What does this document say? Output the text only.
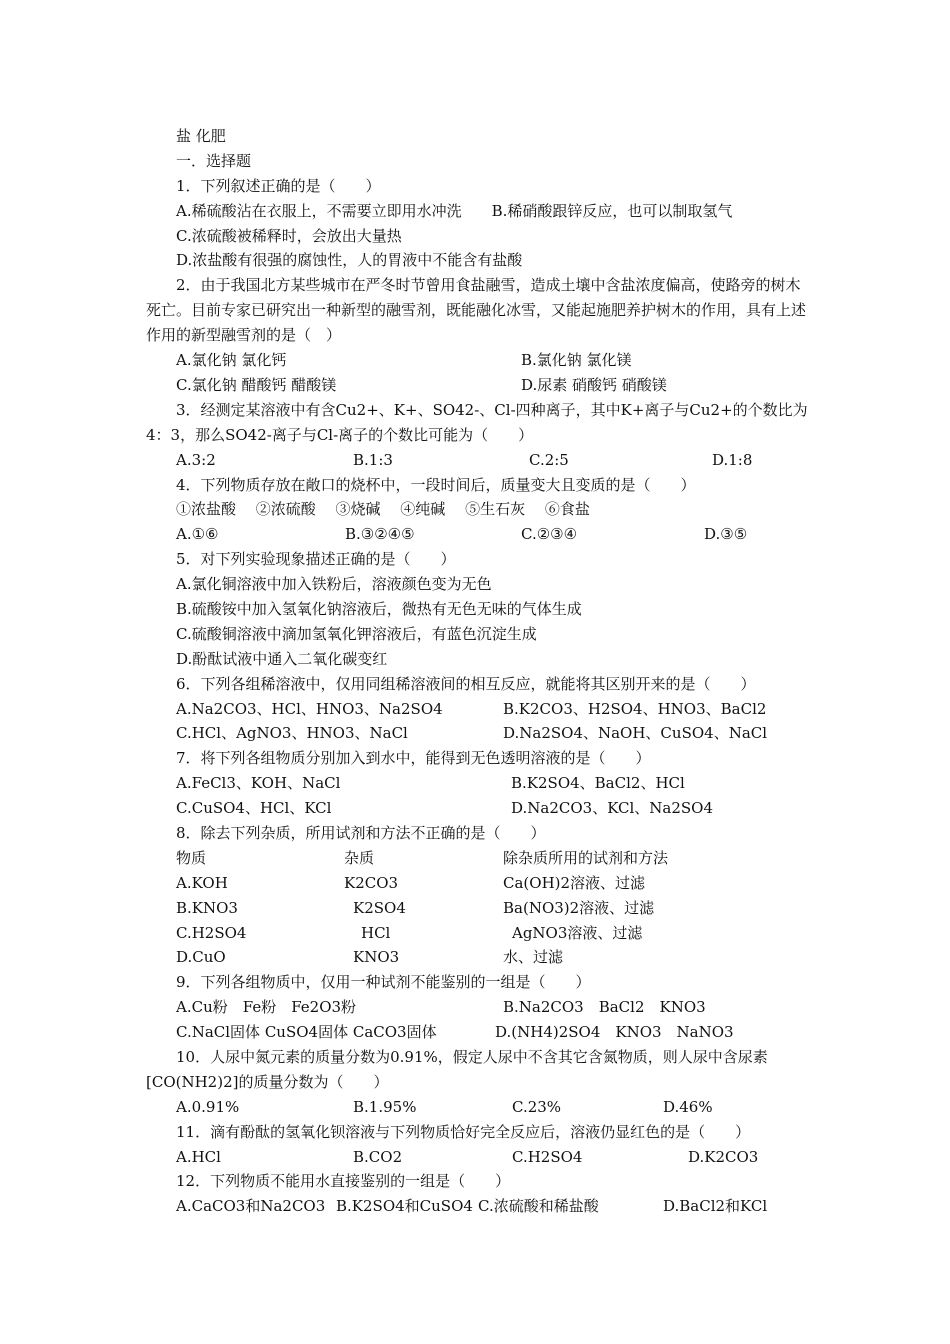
盐 化肥
一．选择题
1．下列叙述正确的是（　　）
A.稀硫酸沾在衣服上，不需要立即用水冲洗　　B.稀硝酸跟锌反应，也可以制取氢气
C.浓硫酸被稀释时，会放出大量热
D.浓盐酸有很强的腐蚀性，人的胃液中不能含有盐酸
2．由于我国北方某些城市在严冬时节曾用食盐融雪，造成土壤中含盐浓度偏高，使路旁的树木死亡。目前专家已研究出一种新型的融雪剂，既能融化冰雪，又能起施肥养护树木的作用，具有上述作用的新型融雪剂的是（　）
A.氯化钠 氯化钙	B.氯化钠 氯化镁
C.氯化钠 醋酸钙 醋酸镁	D.尿素 硝酸钙 硝酸镁
3．经测定某溶液中有含Cu2+、K+、SO42-、Cl-四种离子，其中K+离子与Cu2+的个数比为4：3，那么SO42-离子与Cl-离子的个数比可能为（　　）
A.3:2	B.1:3	C.2:5	D.1:8
4．下列物质存放在敞口的烧杯中，一段时间后，质量变大且变质的是（　　）
①浓盐酸　 ②浓硫酸　 ③烧碱　 ④纯碱　 ⑤生石灰　 ⑥食盐
A.①⑥	B.③②④⑤	C.②③④	D.③⑤
5．对下列实验现象描述正确的是（　　）
A.氯化铜溶液中加入铁粉后，溶液颜色变为无色
B.硫酸铵中加入氢氧化钠溶液后，微热有无色无味的气体生成
C.硫酸铜溶液中滴加氢氧化钾溶液后，有蓝色沉淀生成
D.酚酞试液中通入二氧化碳变红
6．下列各组稀溶液中，仅用同组稀溶液间的相互反应，就能将其区别开来的是（　　）
A.Na2CO3、HCl、HNO3、Na2SO4	B.K2CO3、H2SO4、HNO3、BaCl2
C.HCl、AgNO3、HNO3、NaCl	D.Na2SO4、NaOH、CuSO4、NaCl
7．将下列各组物质分别加入到水中，能得到无色透明溶液的是（　　）
A.FeCl3、KOH、NaCl	B.K2SO4、BaCl2、HCl
C.CuSO4、HCl、KCl	D.Na2CO3、KCl、Na2SO4
8．除去下列杂质，所用试剂和方法不正确的是（　　）
物质	杂质	除杂质所用的试剂和方法
A.KOH	K2CO3	Ca(OH)2溶液、过滤
B.KNO3	K2SO4	Ba(NO3)2溶液、过滤
C.H2SO4	HCl	AgNO3溶液、过滤
D.CuO	KNO3	水、过滤
9．下列各组物质中，仅用一种试剂不能鉴别的一组是（　　）
A.Cu粉　Fe粉　Fe2O3粉	B.Na2CO3　BaCl2　KNO3
C.NaCl固体 CuSO4固体 CaCO3固体	D.(NH4)2SO4　KNO3　NaNO3
10．人尿中氮元素的质量分数为0.91%，假定人尿中不含其它含氮物质，则人尿中含尿素[CO(NH2)2]的质量分数为（　　）
A.0.91%	B.1.95%	C.23%	D.46%
11．滴有酚酞的氢氧化钡溶液与下列物质恰好完全反应后，溶液仍显红色的是（　　）
A.HCl	B.CO2	C.H2SO4	D.K2CO3
12．下列物质不能用水直接鉴别的一组是（　　）
A.CaCO3和Na2CO3 B.K2SO4和CuSO4 C.浓硫酸和稀盐酸	D.BaCl2和KCl
